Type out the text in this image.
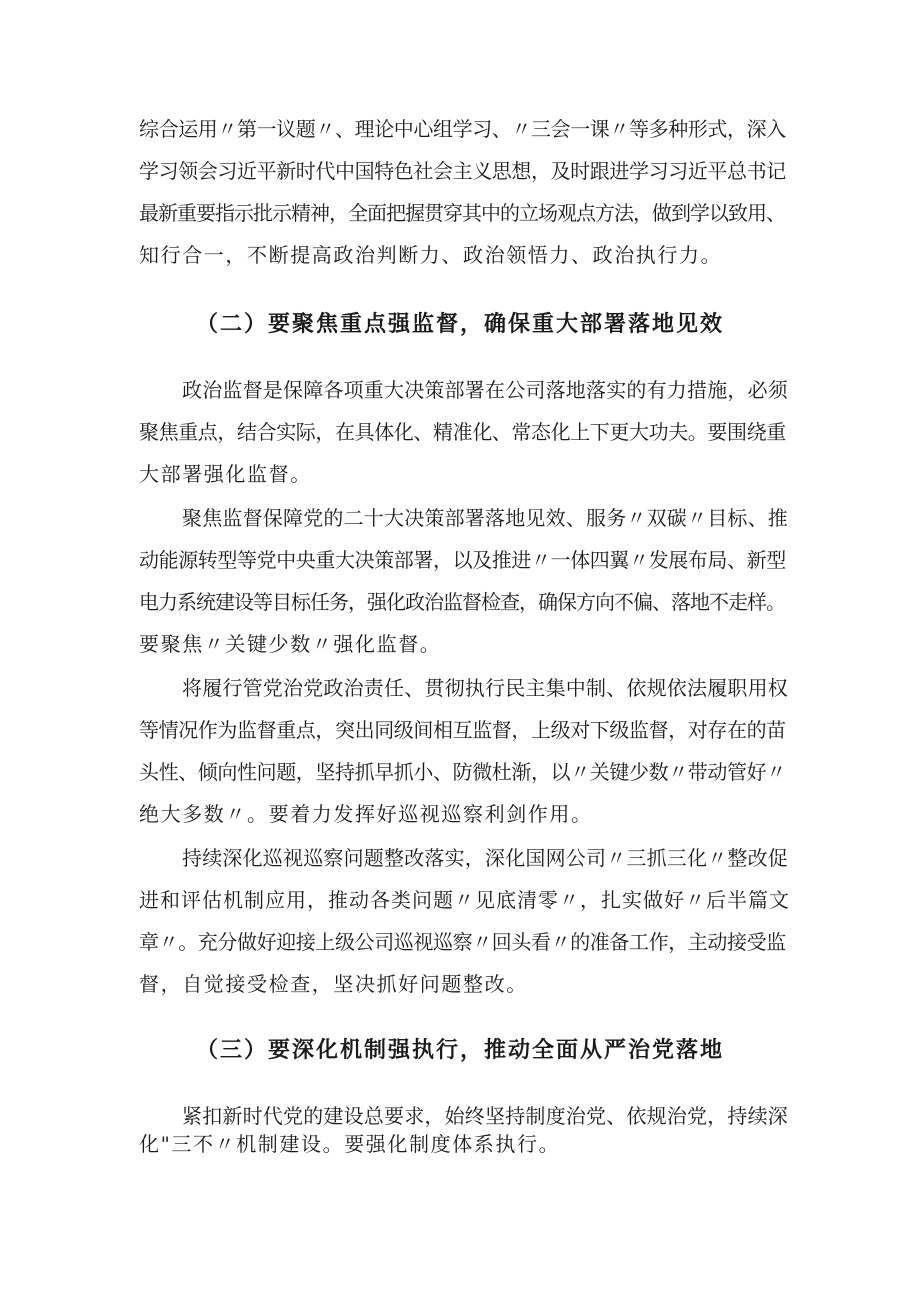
综合运用〃第一议题〃、理论中心组学习、〃三会一课〃等多种形式，深入
学习领会习近平新时代中国特色社会主义思想，及时跟进学习习近平总书记
最新重要指示批示精神，全面把握贯穿其中的立场观点方法，做到学以致用、
知行合一，不断提高政治判断力、政治领悟力、政治执行力。
（二）要聚焦重点强监督，确保重大部署落地见效
政治监督是保障各项重大决策部署在公司落地落实的有力措施，必须
聚焦重点，结合实际，在具体化、精准化、常态化上下更大功夫。要围绕重
大部署强化监督。
聚焦监督保障党的二十大决策部署落地见效、服务〃双碳〃目标、推
动能源转型等党中央重大决策部署，以及推进〃一体四翼〃发展布局、新型
电力系统建设等目标任务，强化政治监督检查，确保方向不偏、落地不走样。
要聚焦〃关键少数〃强化监督。
将履行管党治党政治责任、贯彻执行民主集中制、依规依法履职用权
等情况作为监督重点，突出同级间相互监督，上级对下级监督，对存在的苗
头性、倾向性问题，坚持抓早抓小、防微杜渐，以〃关键少数〃带动管好〃
绝大多数〃。要着力发挥好巡视巡察利剑作用。
持续深化巡视巡察问题整改落实，深化国网公司〃三抓三化〃整改促
进和评估机制应用，推动各类问题〃见底清零〃，扎实做好〃后半篇文
章〃。充分做好迎接上级公司巡视巡察〃回头看〃的准备工作，主动接受监
督，自觉接受检查，坚决抓好问题整改。
（三）要深化机制强执行，推动全面从严治党落地
紧扣新时代党的建设总要求，始终坚持制度治党、依规治党，持续深
化"三不〃机制建设。要强化制度体系执行。
